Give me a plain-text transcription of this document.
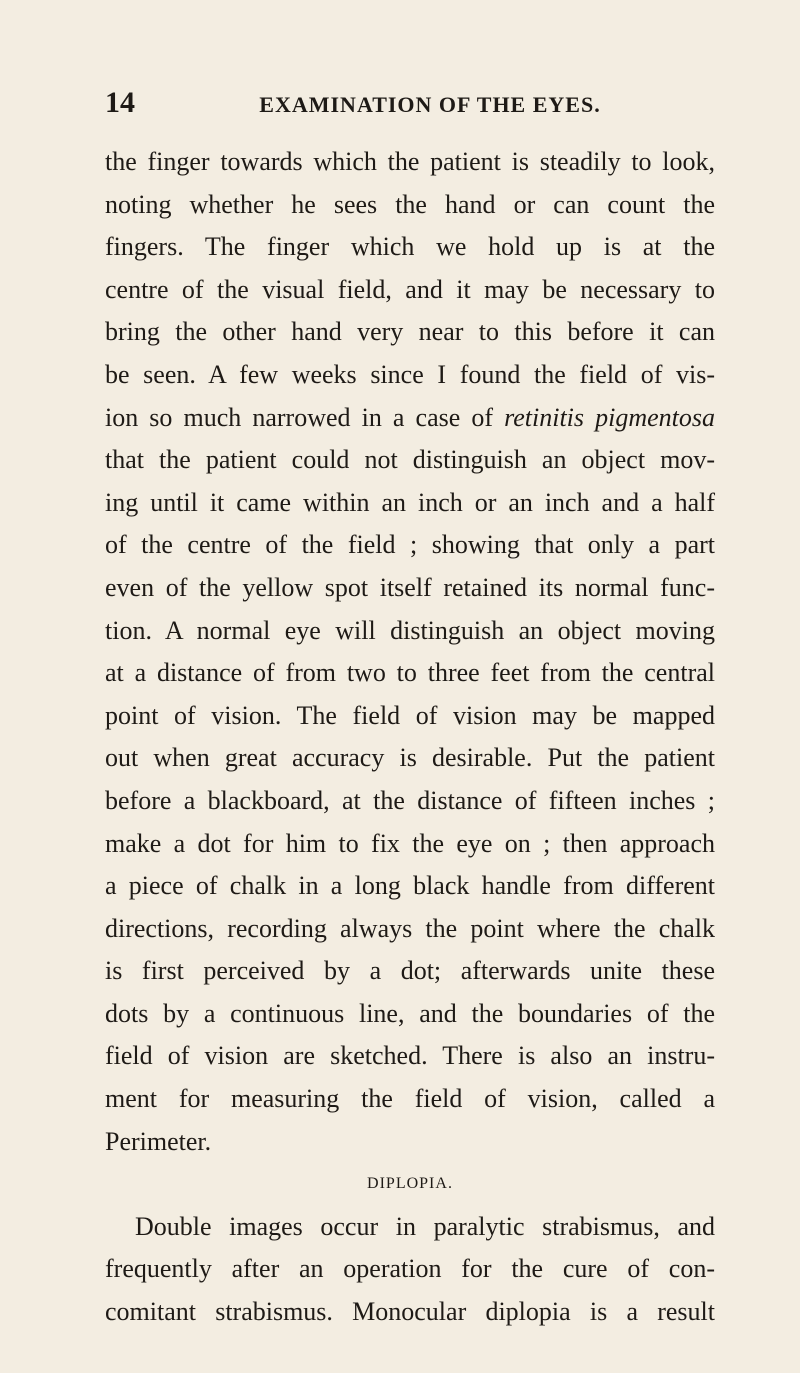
14	EXAMINATION OF THE EYES.
the finger towards which the patient is steadily to look,
noting whether he sees the hand or can count the
fingers. The finger which we hold up is at the
centre of the visual field, and it may be necessary to
bring the other hand very near to this before it can
be seen. A few weeks since I found the field of vis-
ion so much narrowed in a case of retinitis pigmentosa
that the patient could not distinguish an object mov-
ing until it came within an inch or an inch and a half
of the centre of the field ; showing that only a part
even of the yellow spot itself retained its normal func-
tion. A normal eye will distinguish an object moving
at a distance of from two to three feet from the central
point of vision. The field of vision may be mapped
out when great accuracy is desirable. Put the patient
before a blackboard, at the distance of fifteen inches ;
make a dot for him to fix the eye on ; then approach
a piece of chalk in a long black handle from different
directions, recording always the point where the chalk
is first perceived by a dot; afterwards unite these
dots by a continuous line, and the boundaries of the
field of vision are sketched. There is also an instru-
ment for measuring the field of vision, called a
Perimeter.
DIPLOPIA.
Double images occur in paralytic strabismus, and
frequently after an operation for the cure of con-
comitant strabismus. Monocular diplopia is a result
